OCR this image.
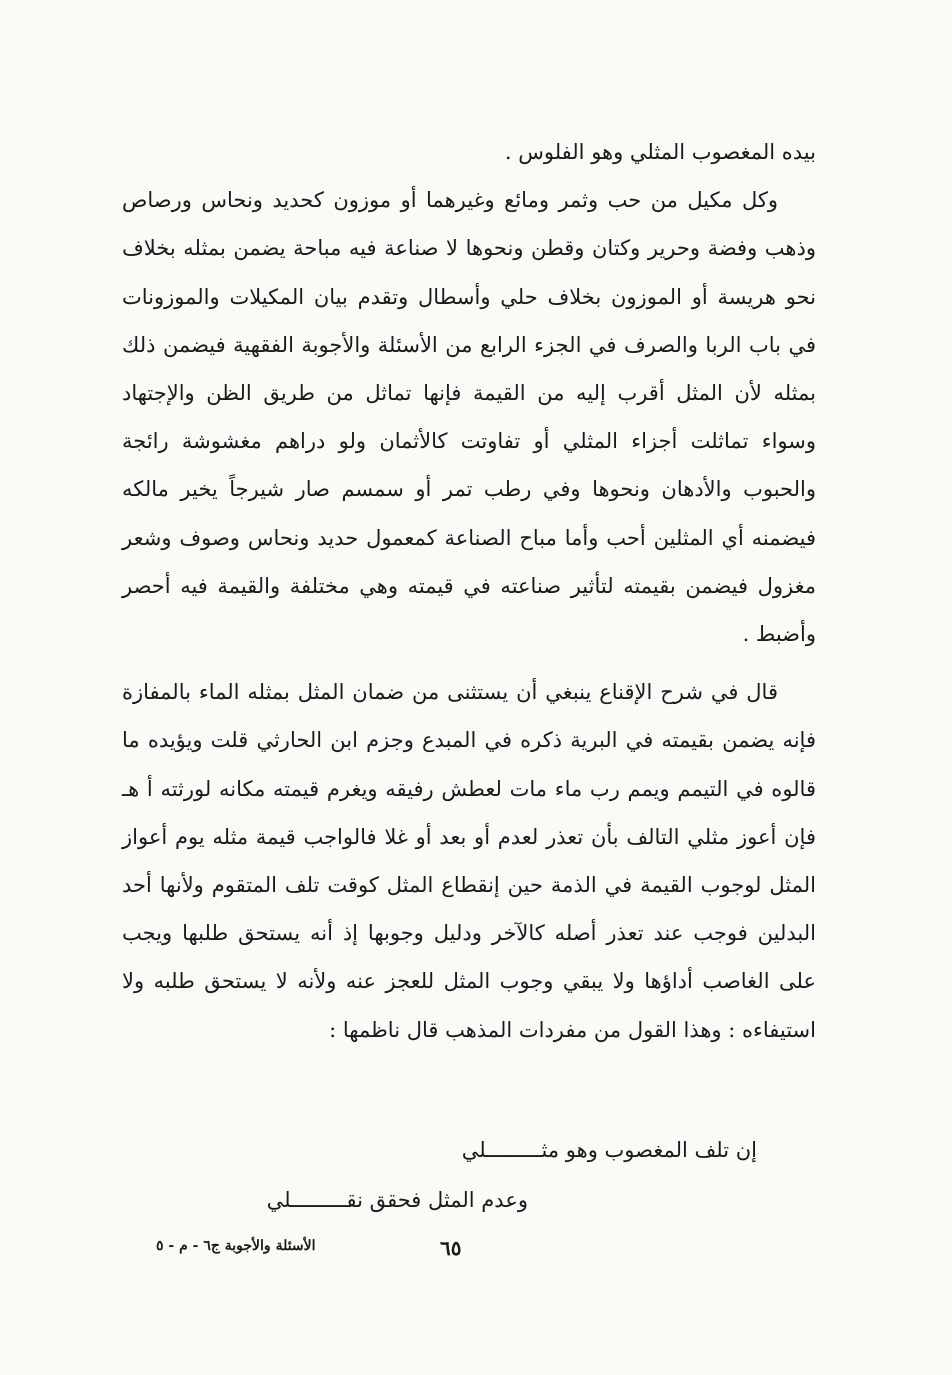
بيده المغصوب المثلي وهو الفلوس .

وكل مكيل من حب وثمر ومائع وغيرهما أو موزون كحديد ونحاس ورصاص وذهب وفضة وحرير وكتان وقطن ونحوها لا صناعة فيه مباحة يضمن بمثله بخلاف نحو هريسة أو الموزون بخلاف حلي وأسطال وتقدم بيان المكيلات والموزونات في باب الربا والصرف في الجزء الرابع من الأسئلة والأجوبة الفقهية فيضمن ذلك بمثله لأن المثل أقرب إليه من القيمة فإنها تماثل من طريق الظن والإجتهاد وسواء تماثلت أجزاء المثلي أو تفاوتت كالأثمان ولو دراهم مغشوشة رائجة والحبوب والأدهان ونحوها وفي رطب تمر أو سمسم صار شيرجاً يخير مالكه فيضمنه أي المثلين أحب وأما مباح الصناعة كمعمول حديد ونحاس وصوف وشعر مغزول فيضمن بقيمته لتأثير صناعته في قيمته وهي مختلفة والقيمة فيه أحصر وأضبط .

قال في شرح الإقناع ينبغي أن يستثنى من ضمان المثل بمثله الماء بالمفازة فإنه يضمن بقيمته في البرية ذكره في المبدع وجزم ابن الحارثي قلت ويؤيده ما قالوه في التيمم ويمم رب ماء مات لعطش رفيقه ويغرم قيمته مكانه لورثته أ هـ فإن أعوز مثلي التالف بأن تعذر لعدم أو بعد أو غلا فالواجب قيمة مثله يوم أعواز المثل لوجوب القيمة في الذمة حين إنقطاع المثل كوقت تلف المتقوم ولأنها أحد البدلين فوجب عند تعذر أصله كالآخر ودليل وجوبها إذ أنه يستحق طلبها ويجب على الغاصب أداؤها ولا يبقي وجوب المثل للعجز عنه ولأنه لا يستحق طلبه ولا استيفاءه : وهذا القول من مفردات المذهب قال ناظمها :

إن تلف المغصوب وهو مثـــــــــلي
وعدم المثل فحقق نقـــــــــلي
الأسئلة والأجوبة ج٦ - م - ٥	٦٥
